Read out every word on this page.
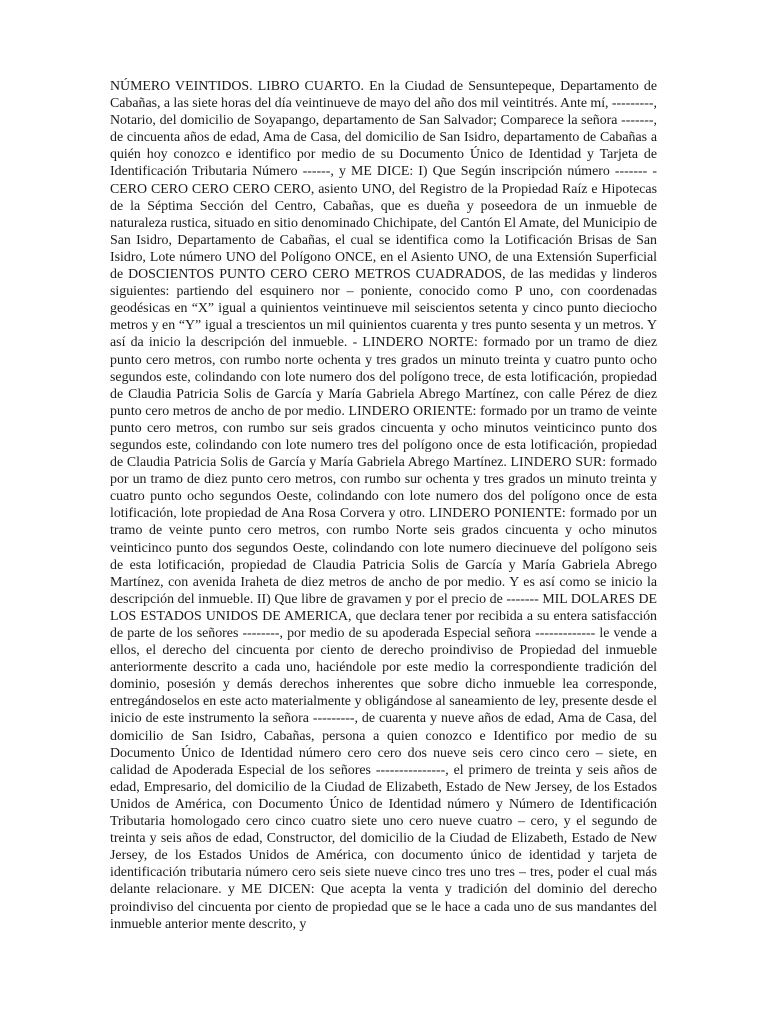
NÚMERO VEINTIDOS. LIBRO CUARTO. En la Ciudad de Sensuntepeque, Departamento de Cabañas, a las siete horas del día veintinueve de mayo del año dos mil veintitrés. Ante mí, ---------, Notario, del domicilio de Soyapango, departamento de San Salvador; Comparece la señora -------, de cincuenta años de edad, Ama de Casa, del domicilio de San Isidro, departamento de Cabañas a quién hoy conozco e identifico por medio de su Documento Único de Identidad y Tarjeta de Identificación Tributaria Número ------, y ME DICE: I) Que Según inscripción número ------- - CERO CERO CERO CERO CERO, asiento UNO, del Registro de la Propiedad Raíz e Hipotecas de la Séptima Sección del Centro, Cabañas, que es dueña y poseedora de un inmueble de naturaleza rustica, situado en sitio denominado Chichipate, del Cantón El Amate, del Municipio de San Isidro, Departamento de Cabañas, el cual se identifica como la Lotificación Brisas de San Isidro, Lote número UNO del Polígono ONCE, en el Asiento UNO, de una Extensión Superficial de DOSCIENTOS PUNTO CERO CERO METROS CUADRADOS, de las medidas y linderos siguientes: partiendo del esquinero nor – poniente, conocido como P uno, con coordenadas geodésicas en “X” igual a quinientos veintinueve mil seiscientos setenta y cinco punto dieciocho metros y en “Y” igual a trescientos un mil quinientos cuarenta y tres punto sesenta y un metros. Y así da inicio la descripción del inmueble. - LINDERO NORTE: formado por un tramo de diez punto cero metros, con rumbo norte ochenta y tres grados un minuto treinta y cuatro punto ocho segundos este, colindando con lote numero dos del polígono trece, de esta lotificación, propiedad de Claudia Patricia Solis de García y María Gabriela Abrego Martínez, con calle Pérez de diez punto cero metros de ancho de por medio. LINDERO ORIENTE: formado por un tramo de veinte punto cero metros, con rumbo sur seis grados cincuenta y ocho minutos veinticinco punto dos segundos este, colindando con lote numero tres del polígono once de esta lotificación, propiedad de Claudia Patricia Solis de García y María Gabriela Abrego Martínez. LINDERO SUR: formado por un tramo de diez punto cero metros, con rumbo sur ochenta y tres grados un minuto treinta y cuatro punto ocho segundos Oeste, colindando con lote numero dos del polígono once de esta lotificación, lote propiedad de Ana Rosa Corvera y otro. LINDERO PONIENTE: formado por un tramo de veinte punto cero metros, con rumbo Norte seis grados cincuenta y ocho minutos veinticinco punto dos segundos Oeste, colindando con lote numero diecinueve del polígono seis de esta lotificación, propiedad de Claudia Patricia Solis de García y María Gabriela Abrego Martínez, con avenida Iraheta de diez metros de ancho de por medio. Y es así como se inicio la descripción del inmueble. II) Que libre de gravamen y por el precio de ------- MIL DOLARES DE LOS ESTADOS UNIDOS DE AMERICA, que declara tener por recibida a su entera satisfacción de parte de los señores --------, por medio de su apoderada Especial señora ------------- le vende a ellos, el derecho del cincuenta por ciento de derecho proindiviso de Propiedad del inmueble anteriormente descrito a cada uno, haciéndole por este medio la correspondiente tradición del dominio, posesión y demás derechos inherentes que sobre dicho inmueble lea corresponde, entregándoselos en este acto materialmente y obligándose al saneamiento de ley, presente desde el inicio de este instrumento la señora ---------, de cuarenta y nueve años de edad, Ama de Casa, del domicilio de San Isidro, Cabañas, persona a quien conozco e Identifico por medio de su Documento Único de Identidad número cero cero dos nueve seis cero cinco cero – siete, en calidad de Apoderada Especial de los señores ---------------, el primero de treinta y seis años de edad, Empresario, del domicilio de la Ciudad de Elizabeth, Estado de New Jersey, de los Estados Unidos de América, con Documento Único de Identidad número y Número de Identificación Tributaria homologado cero cinco cuatro siete uno cero nueve cuatro – cero, y el segundo de treinta y seis años de edad, Constructor, del domicilio de la Ciudad de Elizabeth, Estado de New Jersey, de los Estados Unidos de América, con documento único de identidad y tarjeta de identificación tributaria número cero seis siete nueve cinco tres uno tres – tres, poder el cual más delante relacionare. y ME DICEN: Que acepta la venta y tradición del dominio del derecho proindiviso del cincuenta por ciento de propiedad que se le hace a cada uno de sus mandantes del inmueble anterior mente descrito, y
